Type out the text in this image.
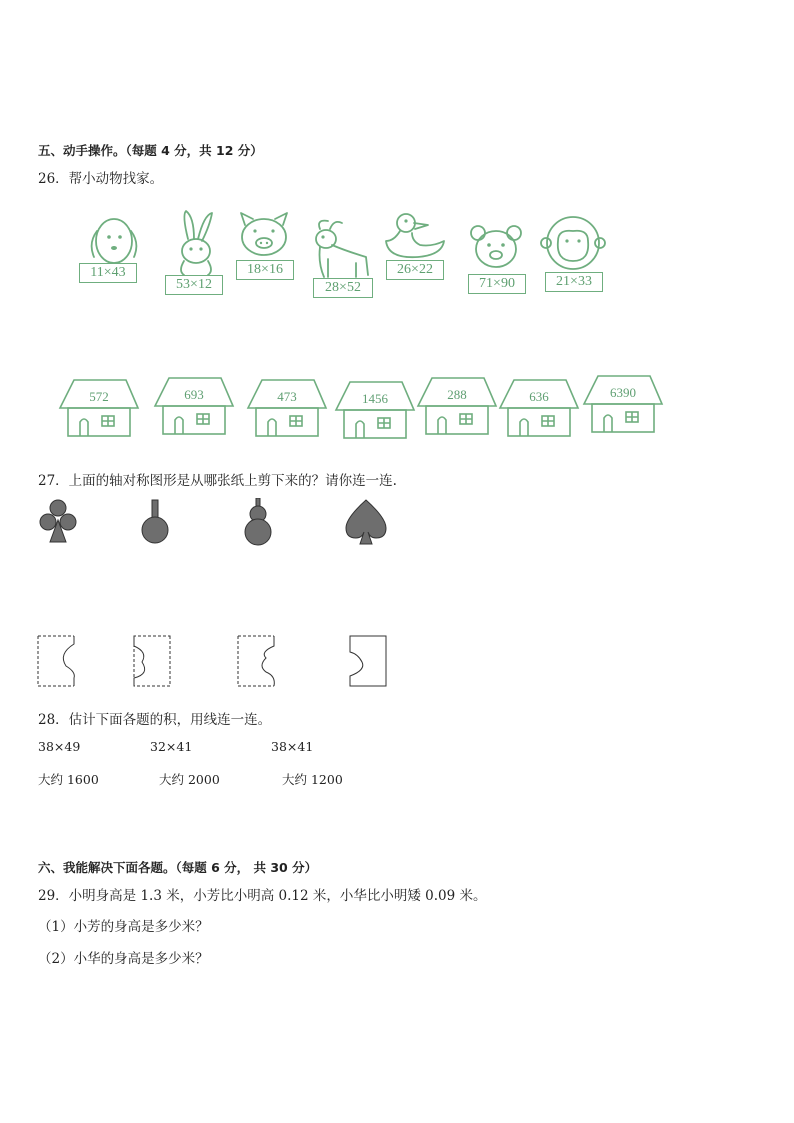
五、动手操作。（每题 4 分，共 12 分）
26．帮小动物找家。
11×43
53×12
18×16
28×52
26×22
71×90	21×33
572	693	473	1456	288	636	6390
27．上面的轴对称图形是从哪张纸上剪下来的？请你连一连.
28．估计下面各题的积，用线连一连。
38×49	32×41	38×41
大约 1600	大约 2000	大约 1200
六、我能解决下面各题。（每题 6 分， 共 30 分）
29．小明身高是 1.3 米，小芳比小明高 0.12 米，小华比小明矮 0.09 米。
（1）小芳的身高是多少米？
（2）小华的身高是多少米？
